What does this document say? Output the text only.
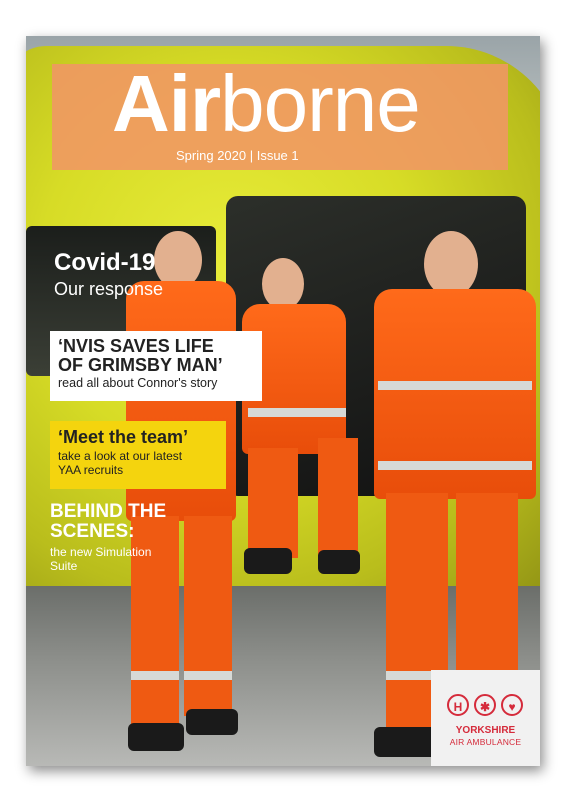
Airborne
Spring 2020 | Issue 1
Covid-19

Our response

‘NVIS SAVES LIFE
OF GRIMSBY MAN’

read all about Connor's story

‘Meet the team’

take a look at our latest
YAA recruits

BEHIND THE
SCENES:

the new Simulation
Suite

H	✱	♥
YORKSHIRE
AIR AMBULANCE
